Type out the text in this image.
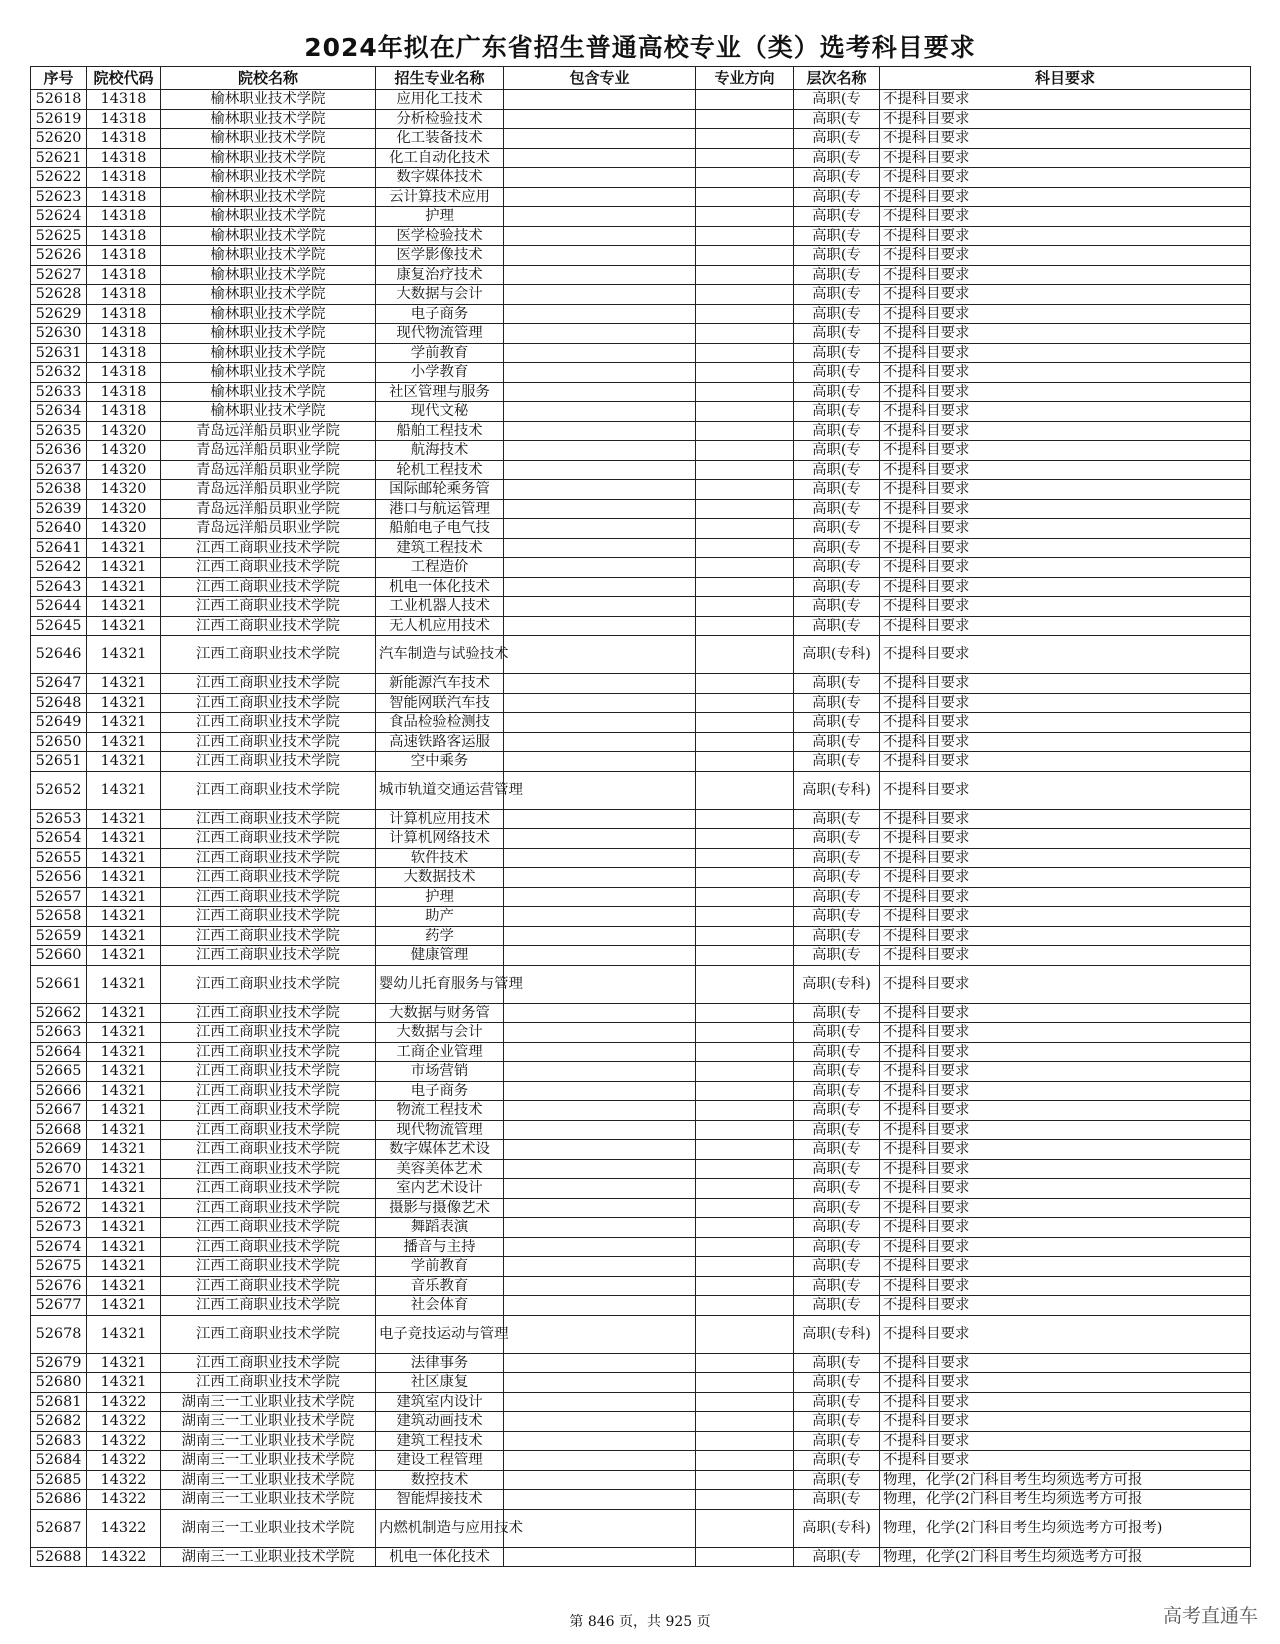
2024年拟在广东省招生普通高校专业（类）选考科目要求
序号	院校代码	院校名称	招生专业名称	包含专业	专业方向	层次名称	科目要求
52618	14318	榆林职业技术学院	应用化工技术			高职(专	不提科目要求
52619	14318	榆林职业技术学院	分析检验技术			高职(专	不提科目要求
52620	14318	榆林职业技术学院	化工装备技术			高职(专	不提科目要求
52621	14318	榆林职业技术学院	化工自动化技术			高职(专	不提科目要求
52622	14318	榆林职业技术学院	数字媒体技术			高职(专	不提科目要求
52623	14318	榆林职业技术学院	云计算技术应用			高职(专	不提科目要求
52624	14318	榆林职业技术学院	护理			高职(专	不提科目要求
52625	14318	榆林职业技术学院	医学检验技术			高职(专	不提科目要求
52626	14318	榆林职业技术学院	医学影像技术			高职(专	不提科目要求
52627	14318	榆林职业技术学院	康复治疗技术			高职(专	不提科目要求
52628	14318	榆林职业技术学院	大数据与会计			高职(专	不提科目要求
52629	14318	榆林职业技术学院	电子商务			高职(专	不提科目要求
52630	14318	榆林职业技术学院	现代物流管理			高职(专	不提科目要求
52631	14318	榆林职业技术学院	学前教育			高职(专	不提科目要求
52632	14318	榆林职业技术学院	小学教育			高职(专	不提科目要求
52633	14318	榆林职业技术学院	社区管理与服务			高职(专	不提科目要求
52634	14318	榆林职业技术学院	现代文秘			高职(专	不提科目要求
52635	14320	青岛远洋船员职业学院	船舶工程技术			高职(专	不提科目要求
52636	14320	青岛远洋船员职业学院	航海技术			高职(专	不提科目要求
52637	14320	青岛远洋船员职业学院	轮机工程技术			高职(专	不提科目要求
52638	14320	青岛远洋船员职业学院	国际邮轮乘务管			高职(专	不提科目要求
52639	14320	青岛远洋船员职业学院	港口与航运管理			高职(专	不提科目要求
52640	14320	青岛远洋船员职业学院	船舶电子电气技			高职(专	不提科目要求
52641	14321	江西工商职业技术学院	建筑工程技术			高职(专	不提科目要求
52642	14321	江西工商职业技术学院	工程造价			高职(专	不提科目要求
52643	14321	江西工商职业技术学院	机电一体化技术			高职(专	不提科目要求
52644	14321	江西工商职业技术学院	工业机器人技术			高职(专	不提科目要求
52645	14321	江西工商职业技术学院	无人机应用技术			高职(专	不提科目要求
52646	14321	江西工商职业技术学院	汽车制造与试验技术			高职(专科)	不提科目要求
52647	14321	江西工商职业技术学院	新能源汽车技术			高职(专	不提科目要求
52648	14321	江西工商职业技术学院	智能网联汽车技			高职(专	不提科目要求
52649	14321	江西工商职业技术学院	食品检验检测技			高职(专	不提科目要求
52650	14321	江西工商职业技术学院	高速铁路客运服			高职(专	不提科目要求
52651	14321	江西工商职业技术学院	空中乘务			高职(专	不提科目要求
52652	14321	江西工商职业技术学院	城市轨道交通运营管理			高职(专科)	不提科目要求
52653	14321	江西工商职业技术学院	计算机应用技术			高职(专	不提科目要求
52654	14321	江西工商职业技术学院	计算机网络技术			高职(专	不提科目要求
52655	14321	江西工商职业技术学院	软件技术			高职(专	不提科目要求
52656	14321	江西工商职业技术学院	大数据技术			高职(专	不提科目要求
52657	14321	江西工商职业技术学院	护理			高职(专	不提科目要求
52658	14321	江西工商职业技术学院	助产			高职(专	不提科目要求
52659	14321	江西工商职业技术学院	药学			高职(专	不提科目要求
52660	14321	江西工商职业技术学院	健康管理			高职(专	不提科目要求
52661	14321	江西工商职业技术学院	婴幼儿托育服务与管理			高职(专科)	不提科目要求
52662	14321	江西工商职业技术学院	大数据与财务管			高职(专	不提科目要求
52663	14321	江西工商职业技术学院	大数据与会计			高职(专	不提科目要求
52664	14321	江西工商职业技术学院	工商企业管理			高职(专	不提科目要求
52665	14321	江西工商职业技术学院	市场营销			高职(专	不提科目要求
52666	14321	江西工商职业技术学院	电子商务			高职(专	不提科目要求
52667	14321	江西工商职业技术学院	物流工程技术			高职(专	不提科目要求
52668	14321	江西工商职业技术学院	现代物流管理			高职(专	不提科目要求
52669	14321	江西工商职业技术学院	数字媒体艺术设			高职(专	不提科目要求
52670	14321	江西工商职业技术学院	美容美体艺术			高职(专	不提科目要求
52671	14321	江西工商职业技术学院	室内艺术设计			高职(专	不提科目要求
52672	14321	江西工商职业技术学院	摄影与摄像艺术			高职(专	不提科目要求
52673	14321	江西工商职业技术学院	舞蹈表演			高职(专	不提科目要求
52674	14321	江西工商职业技术学院	播音与主持			高职(专	不提科目要求
52675	14321	江西工商职业技术学院	学前教育			高职(专	不提科目要求
52676	14321	江西工商职业技术学院	音乐教育			高职(专	不提科目要求
52677	14321	江西工商职业技术学院	社会体育			高职(专	不提科目要求
52678	14321	江西工商职业技术学院	电子竞技运动与管理			高职(专科)	不提科目要求
52679	14321	江西工商职业技术学院	法律事务			高职(专	不提科目要求
52680	14321	江西工商职业技术学院	社区康复			高职(专	不提科目要求
52681	14322	湖南三一工业职业技术学院	建筑室内设计			高职(专	不提科目要求
52682	14322	湖南三一工业职业技术学院	建筑动画技术			高职(专	不提科目要求
52683	14322	湖南三一工业职业技术学院	建筑工程技术			高职(专	不提科目要求
52684	14322	湖南三一工业职业技术学院	建设工程管理			高职(专	不提科目要求
52685	14322	湖南三一工业职业技术学院	数控技术			高职(专	物理，化学(2门科目考生均须选考方可报
52686	14322	湖南三一工业职业技术学院	智能焊接技术			高职(专	物理，化学(2门科目考生均须选考方可报
52687	14322	湖南三一工业职业技术学院	内燃机制造与应用技术			高职(专科)	物理，化学(2门科目考生均须选考方可报考)
52688	14322	湖南三一工业职业技术学院	机电一体化技术			高职(专	物理，化学(2门科目考生均须选考方可报
第 846 页，共 925 页	高考直通车
